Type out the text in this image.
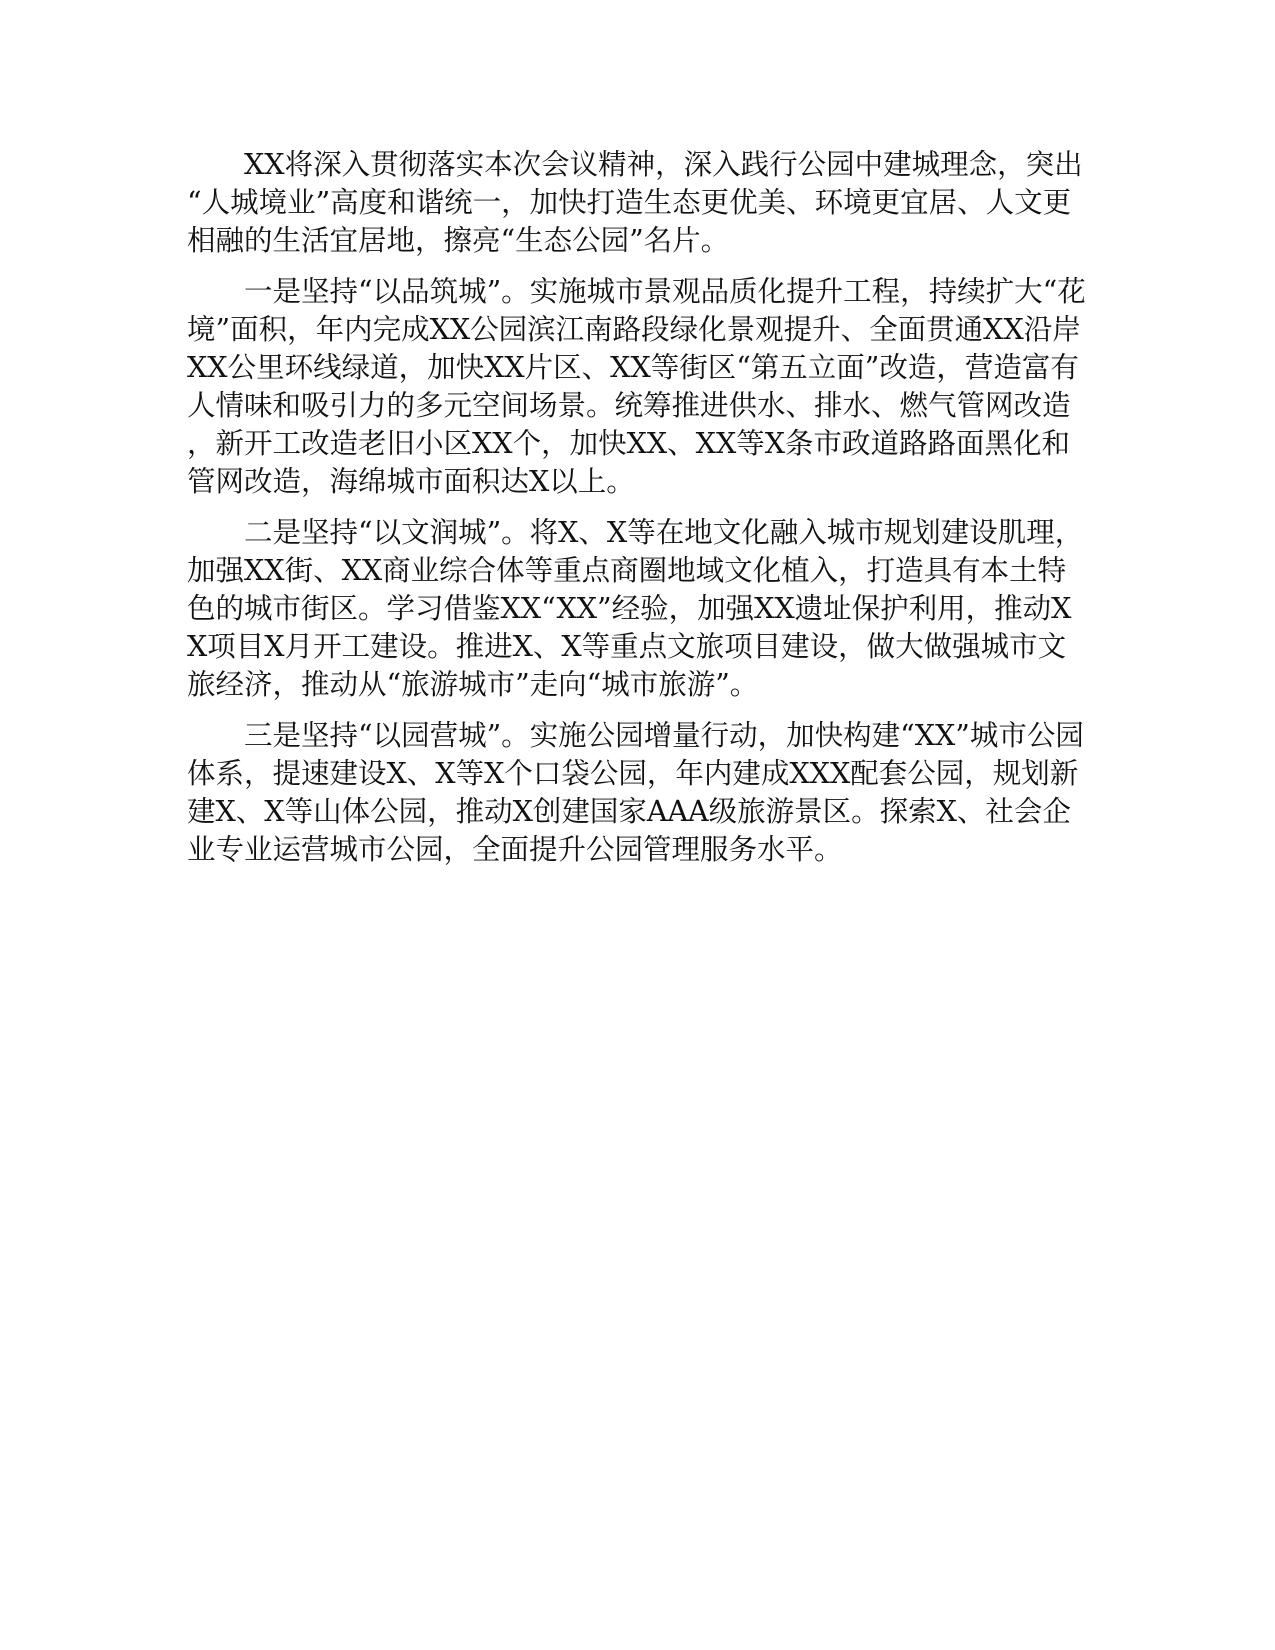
XX将深入贯彻落实本次会议精神，深入践行公园中建城理念，突出“人城境业”高度和谐统一，加快打造生态更优美、环境更宜居、人文更相融的生活宜居地，擦亮“生态公园”名片。

一是坚持“以品筑城”。实施城市景观品质化提升工程，持续扩大“花境”面积，年内完成XX公园滨江南路段绿化景观提升、全面贯通XX沿岸XX公里环线绿道，加快XX片区、XX等街区“第五立面”改造，营造富有人情味和吸引力的多元空间场景。统筹推进供水、排水、燃气管网改造，新开工改造老旧小区XX个，加快XX、XX等X条市政道路路面黑化和管网改造，海绵城市面积达X以上。

二是坚持“以文润城”。将X、X等在地文化融入城市规划建设肌理，加强XX街、XX商业综合体等重点商圈地域文化植入，打造具有本土特色的城市街区。学习借鉴XX“XX”经验，加强XX遗址保护利用，推动XX项目X月开工建设。推进X、X等重点文旅项目建设，做大做强城市文旅经济，推动从“旅游城市”走向“城市旅游”。

三是坚持“以园营城”。实施公园增量行动，加快构建“XX”城市公园体系，提速建设X、X等X个口袋公园，年内建成XXX配套公园，规划新建X、X等山体公园，推动X创建国家AAA级旅游景区。探索X、社会企业专业运营城市公园，全面提升公园管理服务水平。
